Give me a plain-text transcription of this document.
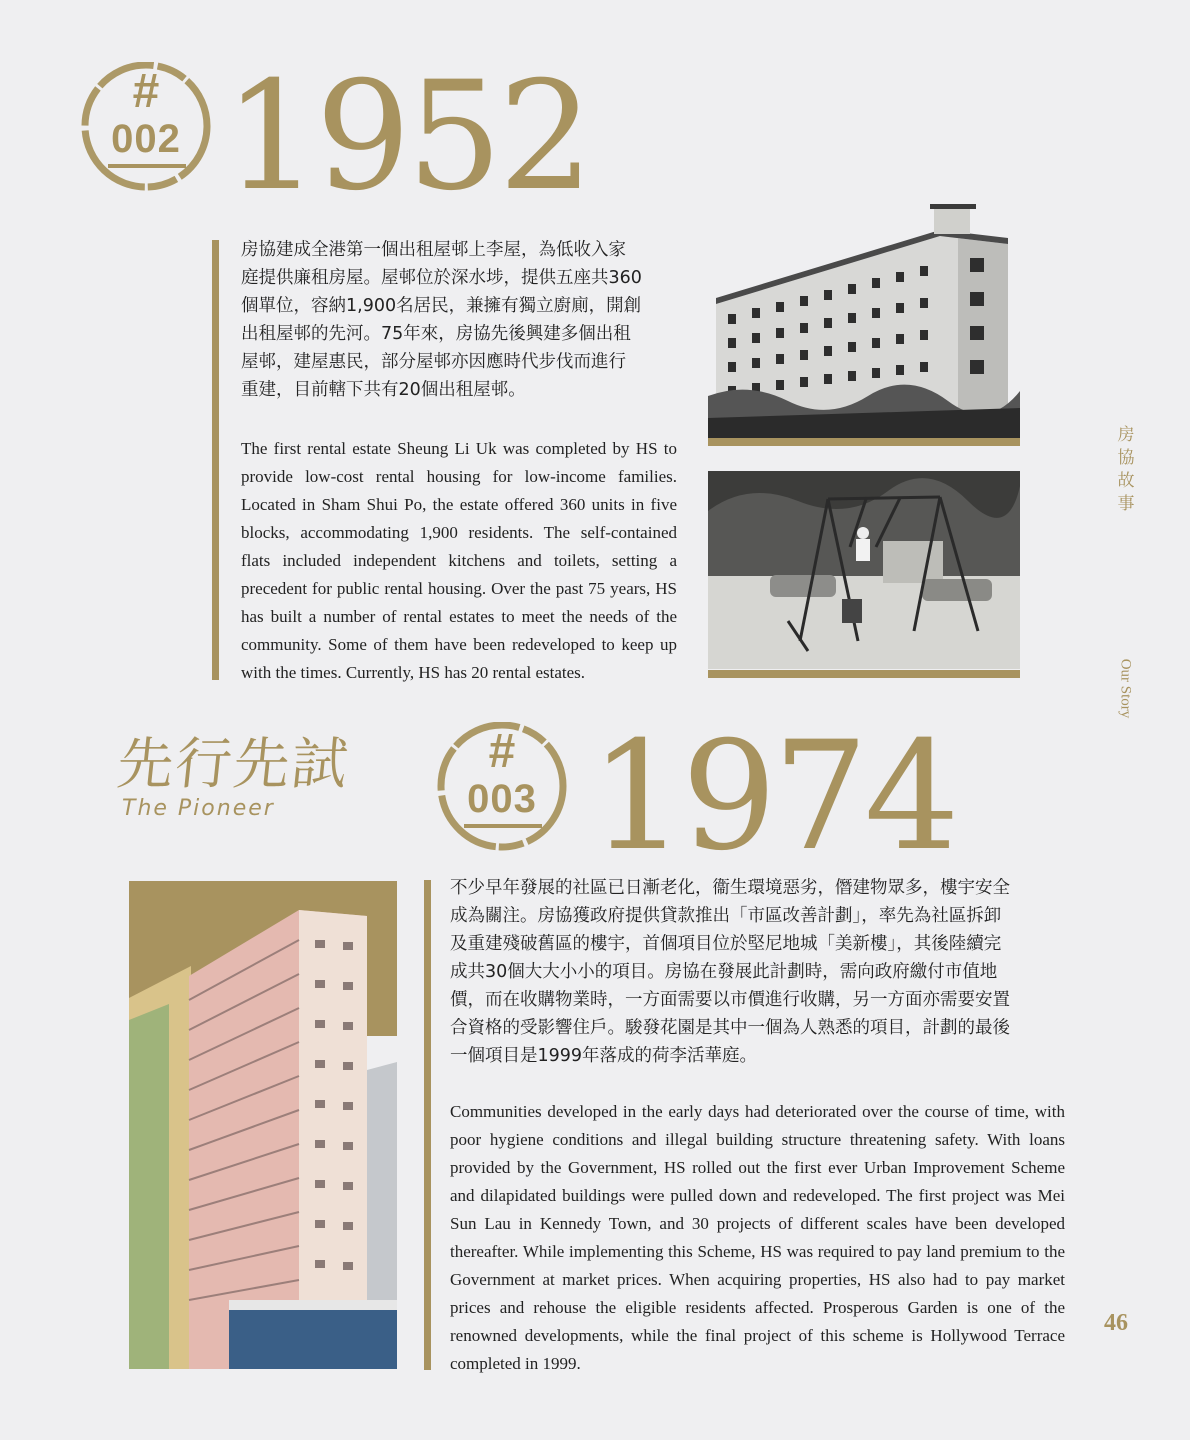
#
002 1952
房協建成全港第一個出租屋邨上李屋，為低收入家
庭提供廉租房屋。屋邨位於深水埗，提供五座共360
個單位，容納1,900名居民，兼擁有獨立廚廁，開創
出租屋邨的先河。75年來，房協先後興建多個出租
屋邨，建屋惠民，部分屋邨亦因應時代步伐而進行
重建，目前轄下共有20個出租屋邨。

The first rental estate Sheung Li Uk was completed by HS to provide low-cost rental housing for low-income families. Located in Sham Shui Po, the estate offered 360 units in five blocks, accommodating 1,900 residents. The self-contained flats included independent kitchens and toilets, setting a precedent for public rental housing. Over the past 75 years, HS has built a number of rental estates to meet the needs of the community. Some of them have been redeveloped to keep up with the times. Currently, HS has 20 rental estates.

先行先試
The Pioneer
#
003 1974
不少早年發展的社區已日漸老化，衞生環境惡劣，僭建物眾多，樓宇安全
成為關注。房協獲政府提供貸款推出「市區改善計劃」，率先為社區拆卸
及重建殘破舊區的樓宇，首個項目位於堅尼地城「美新樓」，其後陸續完
成共30個大大小小的項目。房協在發展此計劃時，需向政府繳付市值地
價，而在收購物業時，一方面需要以市價進行收購，另一方面亦需要安置
合資格的受影響住戶。駿發花園是其中一個為人熟悉的項目，計劃的最後
一個項目是1999年落成的荷李活華庭。

Communities developed in the early days had deteriorated over the course of time, with poor hygiene conditions and illegal building structure threatening safety. With loans provided by the Government, HS rolled out the first ever Urban Improvement Scheme and dilapidated buildings were pulled down and redeveloped. The first project was Mei Sun Lau in Kennedy Town, and 30 projects of different scales have been developed thereafter. While implementing this Scheme, HS was required to pay land premium to the Government at market prices. When acquiring properties, HS also had to pay market prices and rehouse the eligible residents affected. Prosperous Garden is one of the renowned developments, while the final project of this scheme is Hollywood Terrace completed in 1999.

房協故事
Our Story
46
